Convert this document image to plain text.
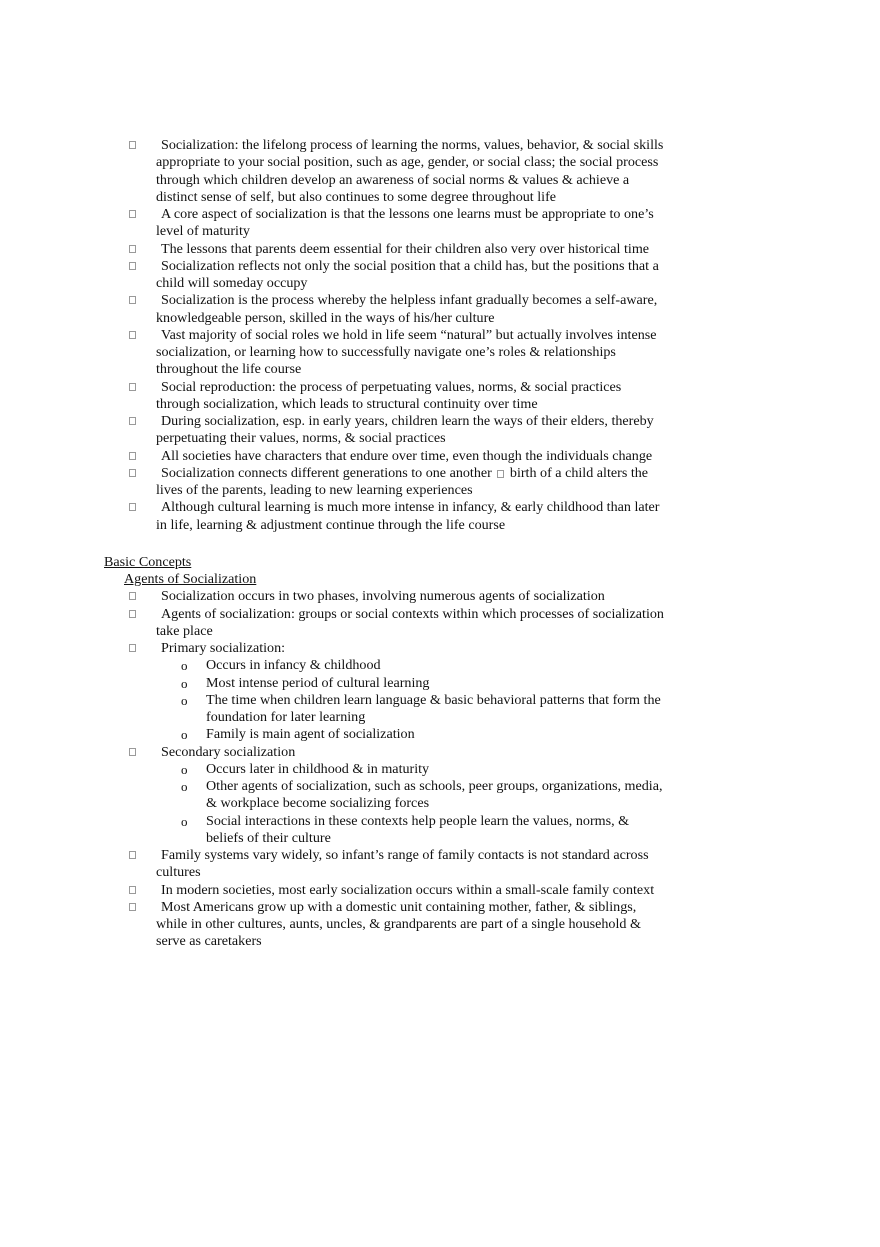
Socialization: the lifelong process of learning the norms, values, behavior, & social skills appropriate to your social position, such as age, gender, or social class; the social process through which children develop an awareness of social norms & values & achieve a distinct sense of self, but also continues to some degree throughout life
A core aspect of socialization is that the lessons one learns must be appropriate to one’s level of maturity
The lessons that parents deem essential for their children also very over historical time
Socialization reflects not only the social position that a child has, but the positions that a child will someday occupy
Socialization is the process whereby the helpless infant gradually becomes a self-aware, knowledgeable person, skilled in the ways of his/her culture
Vast majority of social roles we hold in life seem “natural” but actually involves intense socialization, or learning how to successfully navigate one’s roles & relationships throughout the life course
Social reproduction: the process of perpetuating values, norms, & social practices through socialization, which leads to structural continuity over time
During socialization, esp. in early years, children learn the ways of their elders, thereby perpetuating their values, norms, & social practices
All societies have characters that endure over time, even though the individuals change
Socialization connects different generations to one another birth of a child alters the lives of the parents, leading to new learning experiences
Although cultural learning is much more intense in infancy, & early childhood than later in life, learning & adjustment continue through the life course

Basic Concepts

Agents of Socialization

Socialization occurs in two phases, involving numerous agents of socialization
Agents of socialization: groups or social contexts within which processes of socialization take place
Primary socialization:
o Occurs in infancy & childhood
o Most intense period of cultural learning
o The time when children learn language & basic behavioral patterns that form the foundation for later learning
o Family is main agent of socialization
Secondary socialization
o Occurs later in childhood & in maturity
o Other agents of socialization, such as schools, peer groups, organizations, media, & workplace become socializing forces
o Social interactions in these contexts help people learn the values, norms, & beliefs of their culture
Family systems vary widely, so infant’s range of family contacts is not standard across cultures
In modern societies, most early socialization occurs within a small-scale family context
Most Americans grow up with a domestic unit containing mother, father, & siblings, while in other cultures, aunts, uncles, & grandparents are part of a single household & serve as caretakers
